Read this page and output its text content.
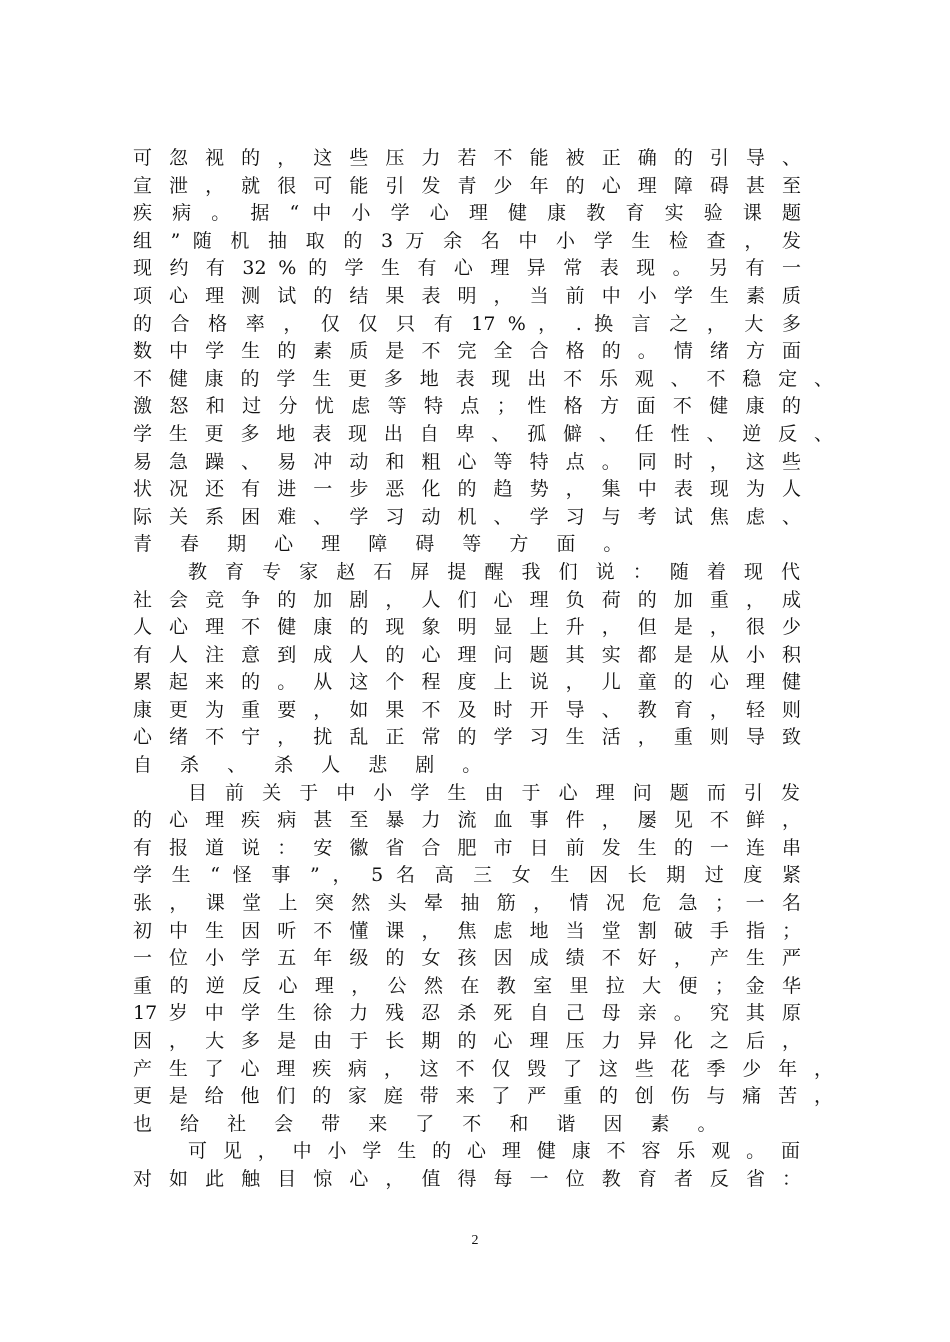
可 忽 视 的 ， 这 些 压 力 若 不 能 被 正 确 的 引 导 、
宣 泄 ， 就 很 可 能 引 发 青 少 年 的 心 理 障 碍 甚 至
疾 病 。 据 “ 中 小 学 心 理 健 康 教 育 实 验 课 题
组 ” 随 机 抽 取 的 3 万 余 名 中 小 学 生 检 查 ， 发
现 约 有 32 % 的 学 生 有 心 理 异 常 表 现 。 另 有 一
项 心 理 测 试 的 结 果 表 明 ， 当 前 中 小 学 生 素 质
的 合 格 率 ， 仅 仅 只 有 17 % ， . 换 言 之 ， 大 多
数 中 学 生 的 素 质 是 不 完 全 合 格 的 。 情 绪 方 面
不 健 康 的 学 生 更 多 地 表 现 出 不 乐 观 、 不 稳 定 、
激 怒 和 过 分 忧 虑 等 特 点 ； 性 格 方 面 不 健 康 的
学 生 更 多 地 表 现 出 自 卑 、 孤 僻 、 任 性 、 逆 反 、
易 急 躁 、 易 冲 动 和 粗 心 等 特 点 。 同 时 ， 这 些
状 况 还 有 进 一 步 恶 化 的 趋 势 ， 集 中 表 现 为 人
际 关 系 困 难 、 学 习 动 机 、 学 习 与 考 试 焦 虑 、
青 春 期 心 理 障 碍 等 方 面 。
教 育 专 家 赵 石 屏 提 醒 我 们 说 ： 随 着 现 代
社 会 竞 争 的 加 剧 ， 人 们 心 理 负 荷 的 加 重 ， 成
人 心 理 不 健 康 的 现 象 明 显 上 升 ， 但 是 ， 很 少
有 人 注 意 到 成 人 的 心 理 问 题 其 实 都 是 从 小 积
累 起 来 的 。 从 这 个 程 度 上 说 ， 儿 童 的 心 理 健
康 更 为 重 要 ， 如 果 不 及 时 开 导 、 教 育 ， 轻 则
心 绪 不 宁 ， 扰 乱 正 常 的 学 习 生 活 ， 重 则 导 致
自 杀 、 杀 人 悲 剧 。
目 前 关 于 中 小 学 生 由 于 心 理 问 题 而 引 发
的 心 理 疾 病 甚 至 暴 力 流 血 事 件 ， 屡 见 不 鲜 ，
有 报 道 说 ： 安 徽 省 合 肥 市 日 前 发 生 的 一 连 串
学 生 “ 怪 事 ” ， 5 名 高 三 女 生 因 长 期 过 度 紧
张 ， 课 堂 上 突 然 头 晕 抽 筋 ， 情 况 危 急 ； 一 名
初 中 生 因 听 不 懂 课 ， 焦 虑 地 当 堂 割 破 手 指 ；
一 位 小 学 五 年 级 的 女 孩 因 成 绩 不 好 ， 产 生 严
重 的 逆 反 心 理 ， 公 然 在 教 室 里 拉 大 便 ； 金 华
17 岁 中 学 生 徐 力 残 忍 杀 死 自 己 母 亲 。 究 其 原
因 ， 大 多 是 由 于 长 期 的 心 理 压 力 异 化 之 后 ，
产 生 了 心 理 疾 病 ， 这 不 仅 毁 了 这 些 花 季 少 年 ，
更 是 给 他 们 的 家 庭 带 来 了 严 重 的 创 伤 与 痛 苦 ，
也 给 社 会 带 来 了 不 和 谐 因 素 。
可 见 ， 中 小 学 生 的 心 理 健 康 不 容 乐 观 。 面
对 如 此 触 目 惊 心 ， 值 得 每 一 位 教 育 者 反 省 ：
2
